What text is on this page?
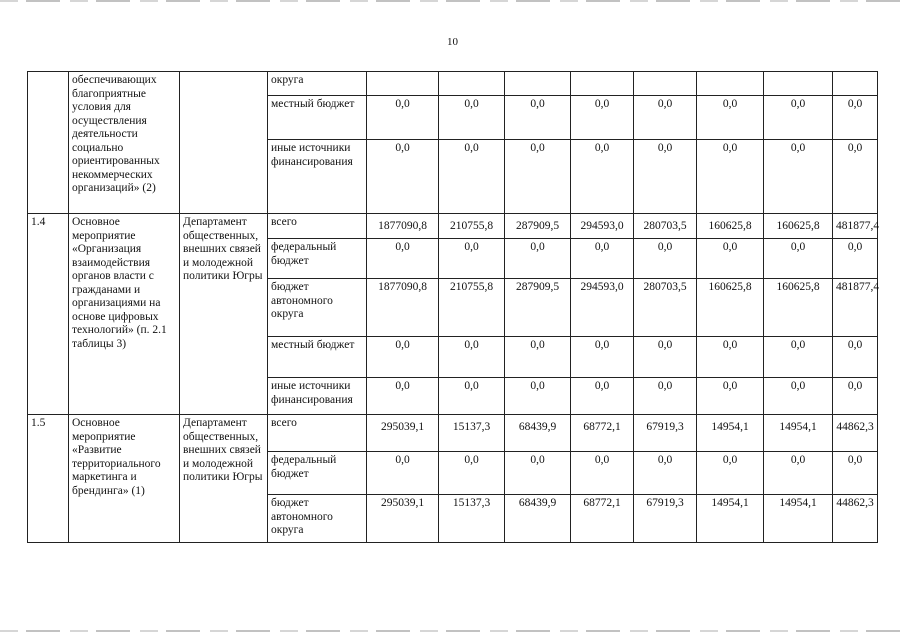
10
	обеспечивающих благоприятные условия для осуществления деятельности социально ориентированных некоммерческих организаций» (2)		округа								
			местный бюджет	0,0	0,0	0,0	0,0	0,0	0,0	0,0	0,0
			иные источники финансирования	0,0	0,0	0,0	0,0	0,0	0,0	0,0	0,0
1.4	Основное мероприятие «Организация взаимодействия органов власти с гражданами и организациями на основе цифровых технологий» (п. 2.1 таблицы 3)	Департамент общественных, внешних связей и молодежной политики Югры	всего	1877090,8	210755,8	287909,5	294593,0	280703,5	160625,8	160625,8	481877,4
			федеральный бюджет	0,0	0,0	0,0	0,0	0,0	0,0	0,0	0,0
			бюджет автономного округа	1877090,8	210755,8	287909,5	294593,0	280703,5	160625,8	160625,8	481877,4
			местный бюджет	0,0	0,0	0,0	0,0	0,0	0,0	0,0	0,0
			иные источники финансирования	0,0	0,0	0,0	0,0	0,0	0,0	0,0	0,0
1.5	Основное мероприятие «Развитие территориального маркетинга и брендинга» (1)	Департамент общественных, внешних связей и молодежной политики Югры	всего	295039,1	15137,3	68439,9	68772,1	67919,3	14954,1	14954,1	44862,3
			федеральный бюджет	0,0	0,0	0,0	0,0	0,0	0,0	0,0	0,0
			бюджет автономного округа	295039,1	15137,3	68439,9	68772,1	67919,3	14954,1	14954,1	44862,3
